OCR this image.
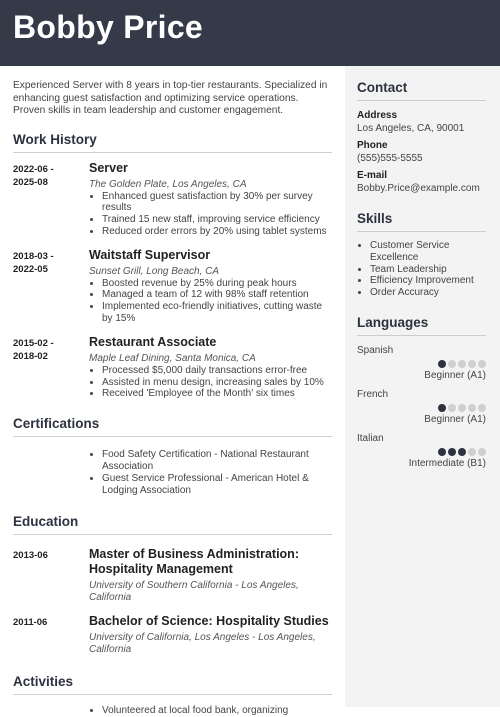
Bobby Price
Contact
Address
Los Angeles, CA, 90001
Phone
(555)555-5555
E-mail
Bobby.Price@example.com
Skills
• Customer Service Excellence
• Team Leadership
• Efficiency Improvement
• Order Accuracy
Languages
Spanish
Beginner (A1)
French
Beginner (A1)
Italian
Intermediate (B1)

Experienced Server with 8 years in top-tier restaurants. Specialized in enhancing guest satisfaction and optimizing service operations. Proven skills in team leadership and customer engagement.

Work History
2022-06 -
2025-08
Server
The Golden Plate, Los Angeles, CA
• Enhanced guest satisfaction by 30% per survey results
• Trained 15 new staff, improving service efficiency
• Reduced order errors by 20% using tablet systems
2018-03 -
2022-05
Waitstaff Supervisor
Sunset Grill, Long Beach, CA
• Boosted revenue by 25% during peak hours
• Managed a team of 12 with 98% staff retention
• Implemented eco-friendly initiatives, cutting waste by 15%
2015-02 -
2018-02
Restaurant Associate
Maple Leaf Dining, Santa Monica, CA
• Processed $5,000 daily transactions error-free
• Assisted in menu design, increasing sales by 10%
• Received 'Employee of the Month' six times
Certifications
• Food Safety Certification - National Restaurant Association
• Guest Service Professional - American Hotel & Lodging Association
Education
2013-06	Master of Business Administration: Hospitality Management
University of Southern California - Los Angeles, California
2011-06	Bachelor of Science: Hospitality Studies
University of California, Los Angeles - Los Angeles, California
Activities
• Volunteered at local food bank, organizing
